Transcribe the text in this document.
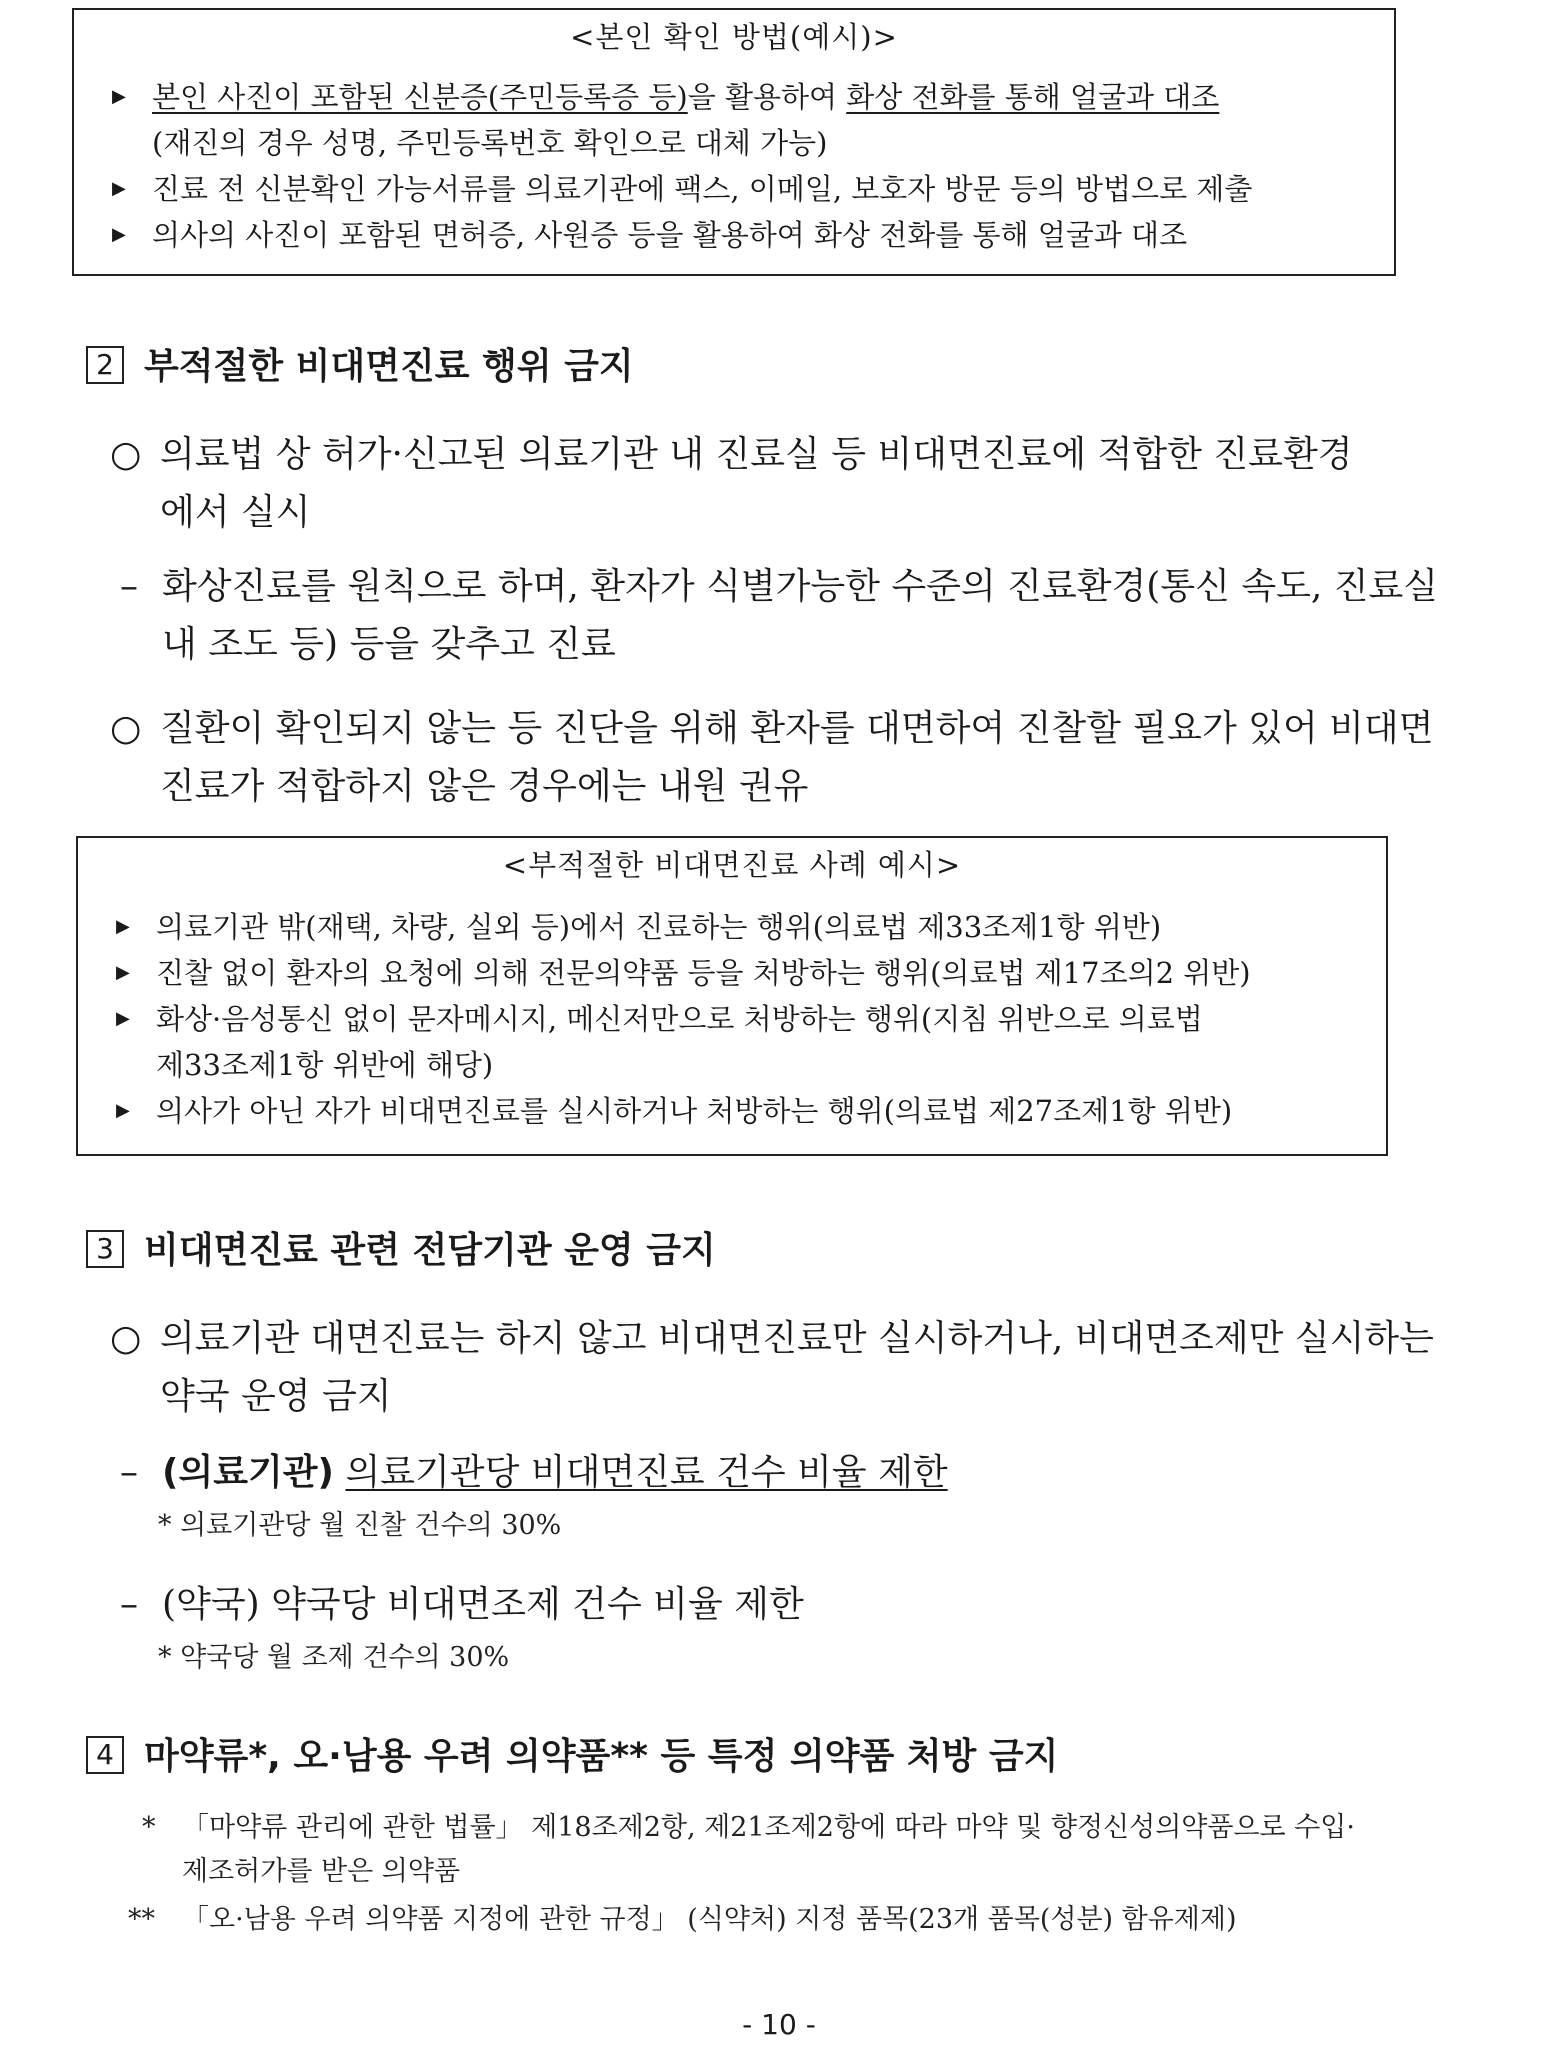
<본인 확인 방법(예시)>
▶ 본인 사진이 포함된 신분증(주민등록증 등)을 활용하여 화상 전화를 통해 얼굴과 대조
(재진의 경우 성명, 주민등록번호 확인으로 대체 가능)
▶ 진료 전 신분확인 가능서류를 의료기관에 팩스, 이메일, 보호자 방문 등의 방법으로 제출
▶ 의사의 사진이 포함된 면허증, 사원증 등을 활용하여 화상 전화를 통해 얼굴과 대조
2 부적절한 비대면진료 행위 금지
○ 의료법 상 허가·신고된 의료기관 내 진료실 등 비대면진료에 적합한 진료환경
에서 실시
– 화상진료를 원칙으로 하며, 환자가 식별가능한 수준의 진료환경(통신 속도, 진료실
내 조도 등) 등을 갖추고 진료
○ 질환이 확인되지 않는 등 진단을 위해 환자를 대면하여 진찰할 필요가 있어 비대면
진료가 적합하지 않은 경우에는 내원 권유
<부적절한 비대면진료 사례 예시>
▶ 의료기관 밖(재택, 차량, 실외 등)에서 진료하는 행위(의료법 제33조제1항 위반)
▶ 진찰 없이 환자의 요청에 의해 전문의약품 등을 처방하는 행위(의료법 제17조의2 위반)
▶ 화상·음성통신 없이 문자메시지, 메신저만으로 처방하는 행위(지침 위반으로 의료법
제33조제1항 위반에 해당)
▶ 의사가 아닌 자가 비대면진료를 실시하거나 처방하는 행위(의료법 제27조제1항 위반)
3 비대면진료 관련 전담기관 운영 금지
○ 의료기관 대면진료는 하지 않고 비대면진료만 실시하거나, 비대면조제만 실시하는
약국 운영 금지
– (의료기관) 의료기관당 비대면진료 건수 비율 제한
* 의료기관당 월 진찰 건수의 30%
– (약국) 약국당 비대면조제 건수 비율 제한
* 약국당 월 조제 건수의 30%
4 마약류*, 오·남용 우려 의약품** 등 특정 의약품 처방 금지
* 「마약류 관리에 관한 법률」 제18조제2항, 제21조제2항에 따라 마약 및 향정신성의약품으로 수입·
제조허가를 받은 의약품
**	「오·남용 우려 의약품 지정에 관한 규정」 (식약처) 지정 품목(23개 품목(성분) 함유제제)
- 10 -
